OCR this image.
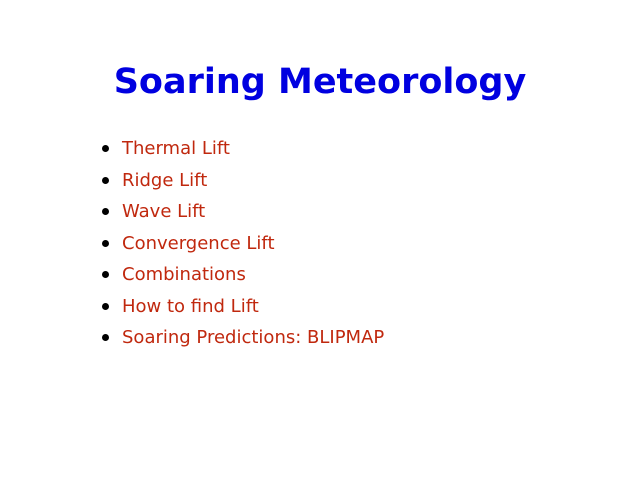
Soaring Meteorology
Thermal Lift
Ridge Lift
Wave Lift
Convergence Lift
Combinations
How to find Lift
Soaring Predictions: BLIPMAP
